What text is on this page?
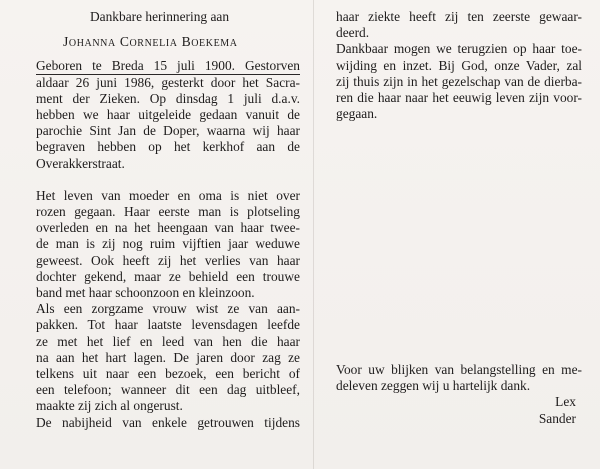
Dankbare herinnering aan
Johanna Cornelia Boekema
Geboren te Breda 15 juli 1900. Gestorven
aldaar 26 juni 1986, gesterkt door het Sacra-
ment der Zieken. Op dinsdag 1 juli d.a.v.
hebben we haar uitgeleide gedaan vanuit de
parochie Sint Jan de Doper, waarna wij haar
begraven hebben op het kerkhof aan de
Overakkerstraat.
Het leven van moeder en oma is niet over
rozen gegaan. Haar eerste man is plotseling
overleden en na het heengaan van haar twee-
de man is zij nog ruim vijftien jaar weduwe
geweest. Ook heeft zij het verlies van haar
dochter gekend, maar ze behield een trouwe
band met haar schoonzoon en kleinzoon.
Als een zorgzame vrouw wist ze van aan-
pakken. Tot haar laatste levensdagen leefde
ze met het lief en leed van hen die haar
na aan het hart lagen. De jaren door zag ze
telkens uit naar een bezoek, een bericht of
een telefoon; wanneer dit een dag uitbleef,
maakte zij zich al ongerust.
De nabijheid van enkele getrouwen tijdens
haar ziekte heeft zij ten zeerste gewaar-
deerd.
Dankbaar mogen we terugzien op haar toe-
wijding en inzet. Bij God, onze Vader, zal
zij thuis zijn in het gezelschap van de dierba-
ren die haar naar het eeuwig leven zijn voor-
gegaan.
Voor uw blijken van belangstelling en me-
deleven zeggen wij u hartelijk dank.
Lex
Sander
